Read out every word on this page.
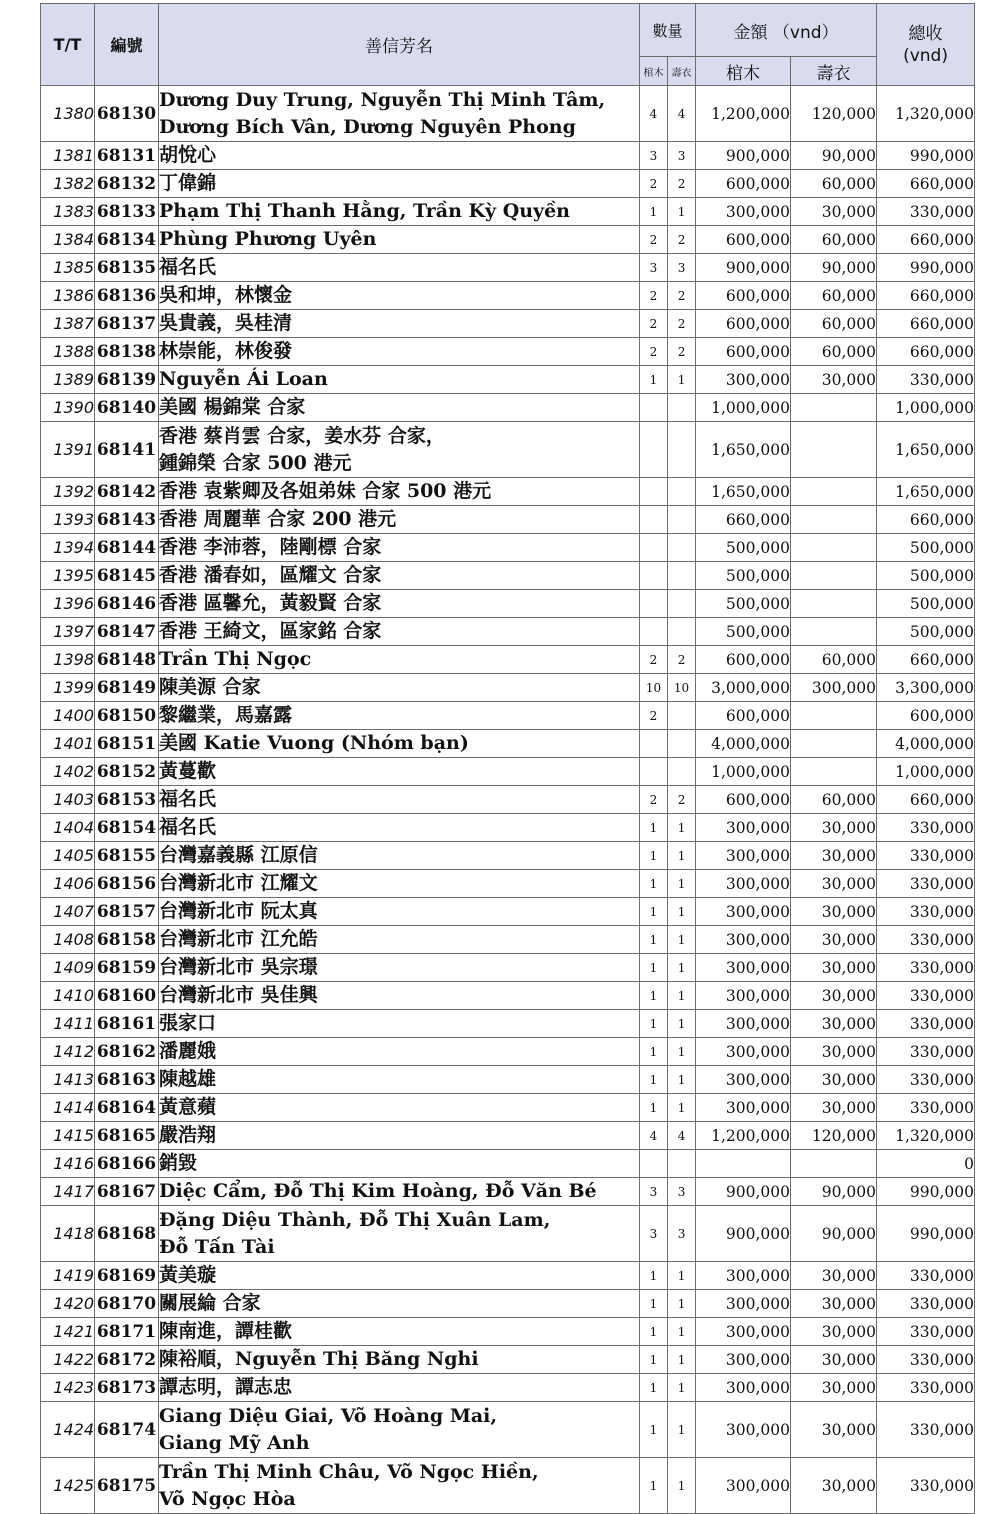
T/T	編號	善信芳名	數量		金額 （vnd）		總收
(vnd)
			棺木	壽衣	棺木	壽衣	
1380	68130	Dương Duy Trung, Nguyễn Thị Minh Tâm,
Dương Bích Vân, Dương Nguyên Phong	4	4	1,200,000	120,000	1,320,000
1381	68131	胡悅心	3	3	900,000	90,000	990,000
1382	68132	丁偉錦	2	2	600,000	60,000	660,000
1383	68133	Phạm Thị Thanh Hằng, Trần Kỳ Quyền	1	1	300,000	30,000	330,000
1384	68134	Phùng Phương Uyên	2	2	600,000	60,000	660,000
1385	68135	福名氏	3	3	900,000	90,000	990,000
1386	68136	吳和坤，林懷金	2	2	600,000	60,000	660,000
1387	68137	吳貴義，吳桂清	2	2	600,000	60,000	660,000
1388	68138	林崇能，林俊發	2	2	600,000	60,000	660,000
1389	68139	Nguyễn Ái Loan	1	1	300,000	30,000	330,000
1390	68140	美國 楊錦棠 合家			1,000,000		1,000,000
1391	68141	香港 蔡肖雲 合家，姜水芬 合家，
鍾錦榮 合家 500 港元			1,650,000		1,650,000
1392	68142	香港 袁紫卿及各姐弟妹 合家 500 港元			1,650,000		1,650,000
1393	68143	香港 周麗華 合家 200 港元			660,000		660,000
1394	68144	香港 李沛蓉，陸剛標 合家			500,000		500,000
1395	68145	香港 潘春如，區耀文 合家			500,000		500,000
1396	68146	香港 區馨允，黃毅賢 合家			500,000		500,000
1397	68147	香港 王綺文，區家銘 合家			500,000		500,000
1398	68148	Trần Thị Ngọc	2	2	600,000	60,000	660,000
1399	68149	陳美源 合家	10	10	3,000,000	300,000	3,300,000
1400	68150	黎繼業，馬嘉露	2		600,000		600,000
1401	68151	美國 Katie Vuong (Nhóm bạn)			4,000,000		4,000,000
1402	68152	黃蔓歡			1,000,000		1,000,000
1403	68153	福名氏	2	2	600,000	60,000	660,000
1404	68154	福名氏	1	1	300,000	30,000	330,000
1405	68155	台灣嘉義縣 江原信	1	1	300,000	30,000	330,000
1406	68156	台灣新北市 江耀文	1	1	300,000	30,000	330,000
1407	68157	台灣新北市 阮太真	1	1	300,000	30,000	330,000
1408	68158	台灣新北市 江允皓	1	1	300,000	30,000	330,000
1409	68159	台灣新北市 吳宗璟	1	1	300,000	30,000	330,000
1410	68160	台灣新北市 吳佳興	1	1	300,000	30,000	330,000
1411	68161	張家口	1	1	300,000	30,000	330,000
1412	68162	潘麗娥	1	1	300,000	30,000	330,000
1413	68163	陳越雄	1	1	300,000	30,000	330,000
1414	68164	黃意蘋	1	1	300,000	30,000	330,000
1415	68165	嚴浩翔	4	4	1,200,000	120,000	1,320,000
1416	68166	銷毀					0
1417	68167	Diệc Cẩm, Đỗ Thị Kim Hoàng, Đỗ Văn Bé	3	3	900,000	90,000	990,000
1418	68168	Đặng Diệu Thành, Đỗ Thị Xuân Lam,
Đỗ Tấn Tài	3	3	900,000	90,000	990,000
1419	68169	黃美璇	1	1	300,000	30,000	330,000
1420	68170	關展綸 合家	1	1	300,000	30,000	330,000
1421	68171	陳南進，譚桂歡	1	1	300,000	30,000	330,000
1422	68172	陳裕順，Nguyễn Thị Băng Nghi	1	1	300,000	30,000	330,000
1423	68173	譚志明，譚志忠	1	1	300,000	30,000	330,000
1424	68174	Giang Diệu Giai, Võ Hoàng Mai,
Giang Mỹ Anh	1	1	300,000	30,000	330,000
1425	68175	Trần Thị Minh Châu, Võ Ngọc Hiền,
Võ Ngọc Hòa	1	1	300,000	30,000	330,000
